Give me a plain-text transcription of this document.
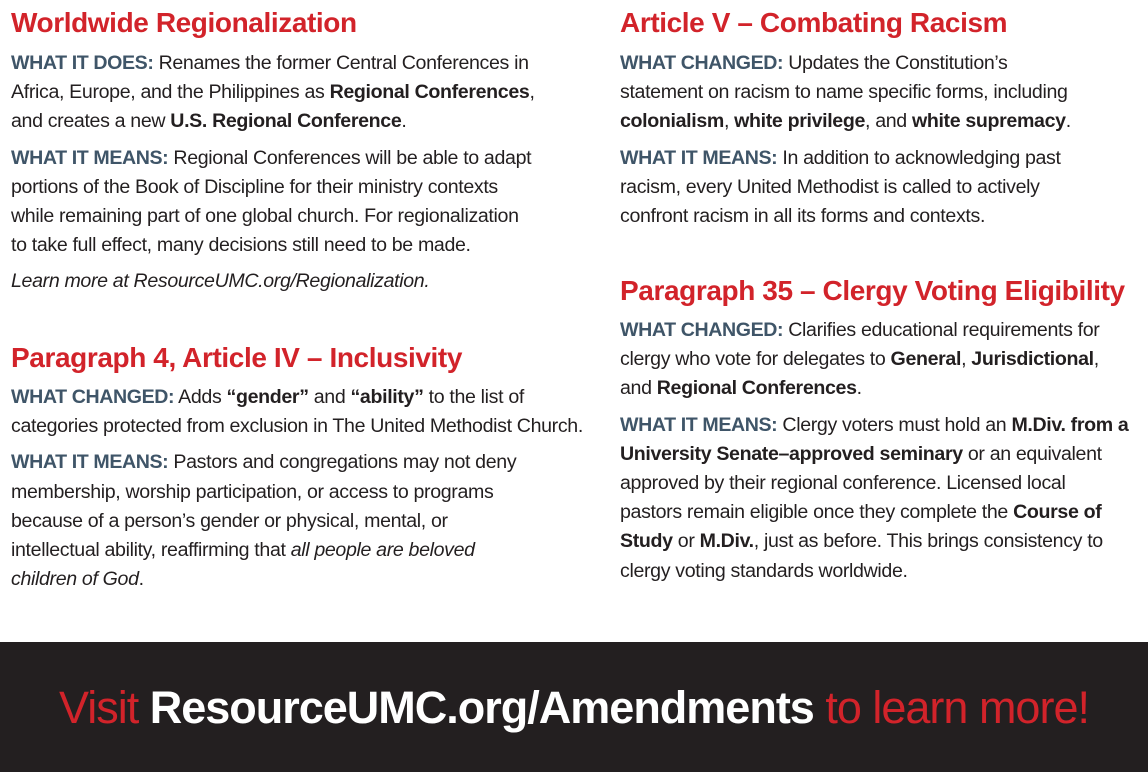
Worldwide Regionalization

WHAT IT DOES: Renames the former Central Conferences in
Africa, Europe, and the Philippines as Regional Conferences,
and creates a new U.S. Regional Conference.

WHAT IT MEANS: Regional Conferences will be able to adapt
portions of the Book of Discipline for their ministry contexts
while remaining part of one global church. For regionalization
to take full effect, many decisions still need to be made.

Learn more at ResourceUMC.org/Regionalization.

Paragraph 4, Article IV – Inclusivity

WHAT CHANGED: Adds “gender” and “ability” to the list of
categories protected from exclusion in The United Methodist Church.

WHAT IT MEANS: Pastors and congregations may not deny
membership, worship participation, or access to programs
because of a person’s gender or physical, mental, or
intellectual ability, reaffirming that all people are beloved
children of God.

Article V – Combating Racism

WHAT CHANGED: Updates the Constitution’s
statement on racism to name specific forms, including
colonialism, white privilege, and white supremacy.

WHAT IT MEANS: In addition to acknowledging past
racism, every United Methodist is called to actively
confront racism in all its forms and contexts.

Paragraph 35 – Clergy Voting Eligibility

WHAT CHANGED: Clarifies educational requirements for
clergy who vote for delegates to General, Jurisdictional,
and Regional Conferences.

WHAT IT MEANS: Clergy voters must hold an M.Div. from a
University Senate–approved seminary or an equivalent
approved by their regional conference. Licensed local
pastors remain eligible once they complete the Course of
Study or M.Div., just as before. This brings consistency to
clergy voting standards worldwide.

Visit ResourceUMC.org/Amendments to learn more!
